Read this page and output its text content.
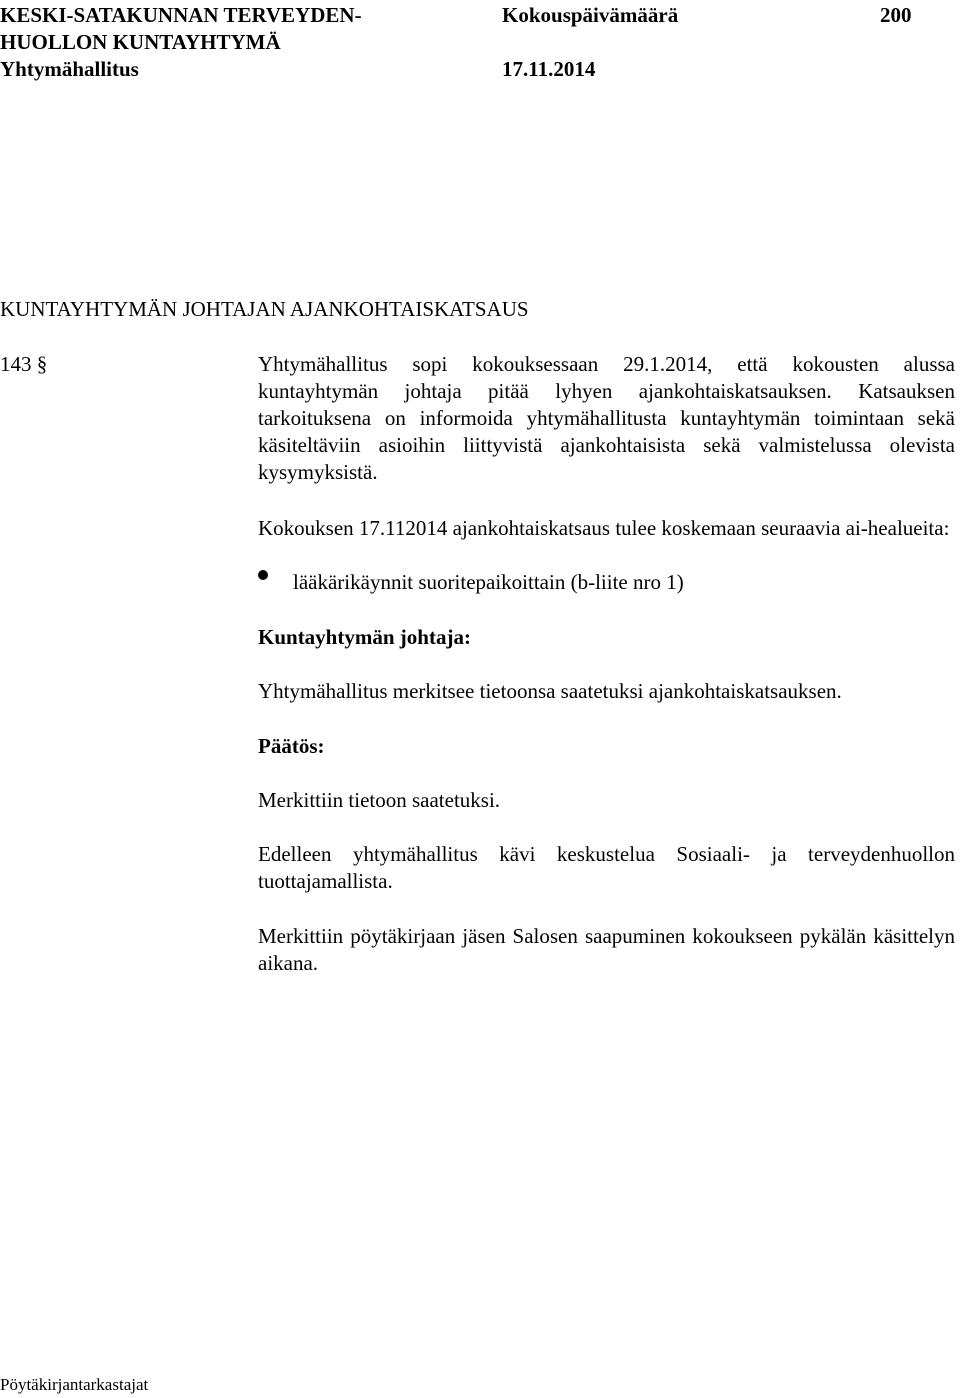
KESKI-SATAKUNNAN TERVEYDEN-
HUOLLON KUNTAYHTYMÄ
Yhtymähallitus
Kokouspäivämäärä
17.11.2014
200
KUNTAYHTYMÄN JOHTAJAN AJANKOHTAISKATSAUS
143 §	Yhtymähallitus sopi kokouksessaan 29.1.2014, että kokousten alussa kuntayhtymän johtaja pitää lyhyen ajankohtaiskatsauksen. Katsauksen tarkoituksena on informoida yhtymähallitusta kuntayhtymän toimintaan sekä käsiteltäviin asioihin liittyvistä ajankohtaisista sekä valmistelussa olevista kysymyksistä.

Kokouksen 17.112014 ajankohtaiskatsaus tulee koskemaan seuraavia ai-healueita:

lääkärikäynnit suoritepaikoittain (b-liite nro 1)
Kuntayhtymän johtaja:
Yhtymähallitus merkitsee tietoonsa saatetuksi ajankohtaiskatsauksen.
Päätös:
Merkittiin tietoon saatetuksi.

Edelleen yhtymähallitus kävi keskustelua Sosiaali- ja terveydenhuollon tuottajamallista.

Merkittiin pöytäkirjaan jäsen Salosen saapuminen kokoukseen pykälän käsittelyn aikana.

Pöytäkirjantarkastajat
